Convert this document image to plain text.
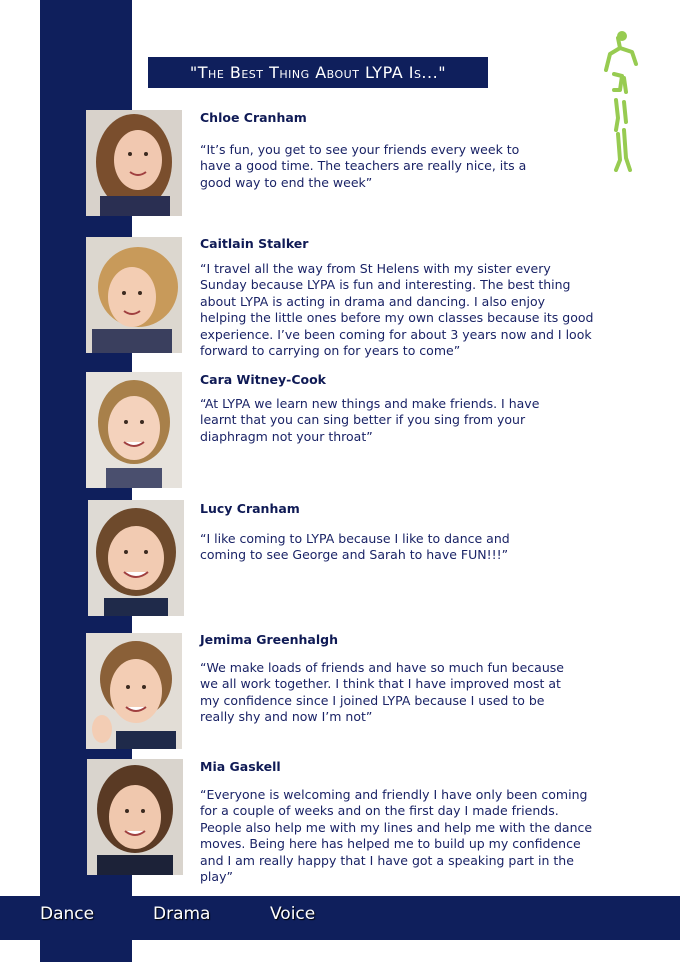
"The Best Thing About LYPA Is..."
Chloe Cranham
“It’s fun, you get to see your friends every week to have a good time. The teachers are really nice, its a good way to end the week”
Caitlain Stalker
“I travel all the way from St Helens with my sister every Sunday because LYPA is fun and interesting. The best thing about LYPA is acting in drama and dancing. I also enjoy helping the little ones before my own classes because its good experience. I’ve been coming for about 3 years now and I look forward to carrying on for years to come”
Cara Witney-Cook
“At LYPA we learn new things and make friends. I have learnt that you can sing better if you sing from your diaphragm not your throat”
Lucy Cranham
“I like coming to LYPA because I like to dance and coming to see George and Sarah to have FUN!!!”
Jemima Greenhalgh
“We make loads of friends and have so much fun because we all work together. I think that I have improved most at my confidence since I joined LYPA because I used to be really shy and now I’m not”
Mia Gaskell
“Everyone is welcoming and friendly I have only been coming for a couple of weeks and on the first day I made friends. People also help me with my lines and help me with the dance moves. Being here has helped me to build up my confidence and I am really happy that I have got a speaking part in the play”
Dance	Drama	Voice
